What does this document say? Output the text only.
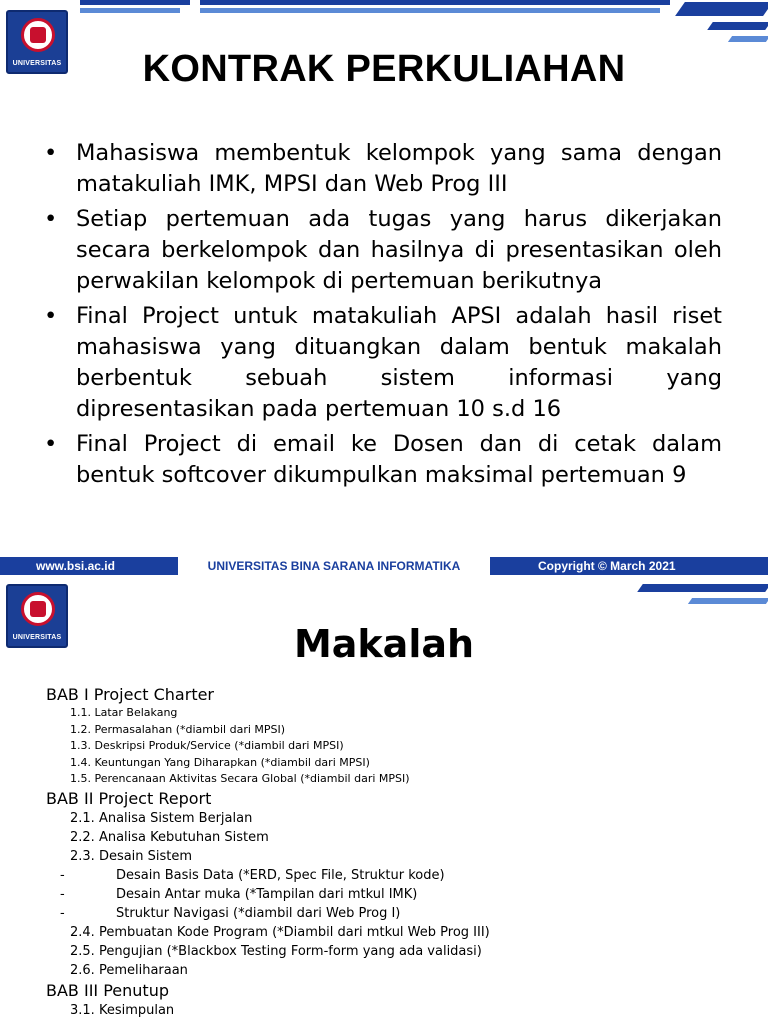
UNIVERSITAS	KONTRAK PERKULIAHAN
• Mahasiswa membentuk kelompok yang sama dengan matakuliah IMK, MPSI dan Web Prog III
• Setiap pertemuan ada tugas yang harus dikerjakan secara berkelompok dan hasilnya di presentasikan oleh perwakilan kelompok di pertemuan berikutnya
• Final Project untuk matakuliah APSI adalah hasil riset mahasiswa yang dituangkan dalam bentuk makalah berbentuk sebuah sistem informasi yang dipresentasikan pada pertemuan 10 s.d 16
• Final Project di email ke Dosen dan di cetak dalam bentuk softcover dikumpulkan maksimal pertemuan 9
www.bsi.ac.id	UNIVERSITAS BINA SARANA INFORMATIKA	Copyright © March 2021
UNIVERSITAS	Makalah
BAB I Project Charter
1.1. Latar Belakang
1.2. Permasalahan (*diambil dari MPSI)
1.3. Deskripsi Produk/Service (*diambil dari MPSI)
1.4. Keuntungan Yang Diharapkan (*diambil dari MPSI)
1.5. Perencanaan Aktivitas Secara Global (*diambil dari MPSI)
BAB II Project Report
2.1. Analisa Sistem Berjalan
2.2. Analisa Kebutuhan Sistem
2.3. Desain Sistem
-	Desain Basis Data (*ERD, Spec File, Struktur kode)
-	Desain Antar muka (*Tampilan dari mtkul IMK)
-	Struktur Navigasi (*diambil dari Web Prog I)
2.4. Pembuatan Kode Program (*Diambil dari mtkul Web Prog III)
2.5. Pengujian (*Blackbox Testing Form-form yang ada validasi)
2.6. Pemeliharaan
BAB III Penutup
3.1. Kesimpulan
